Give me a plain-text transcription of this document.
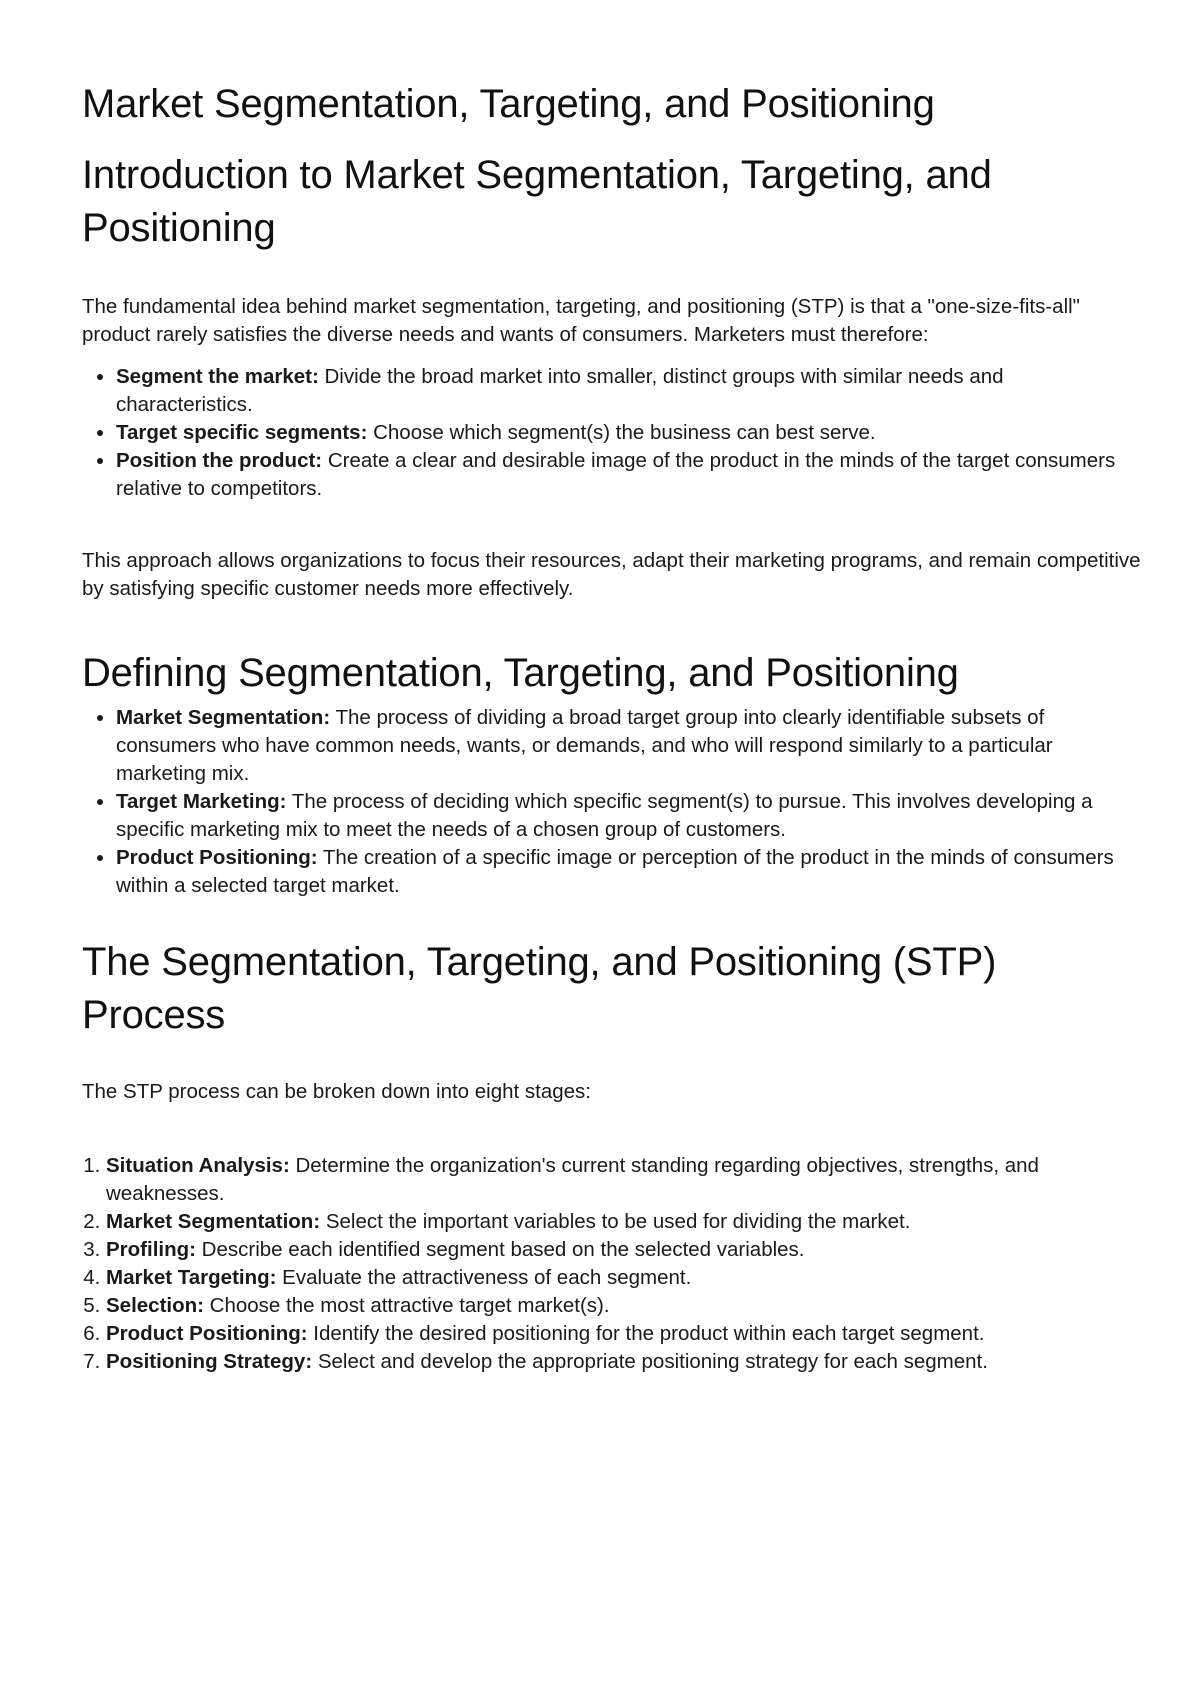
Market Segmentation, Targeting, and Positioning
Introduction to Market Segmentation, Targeting, and Positioning

The fundamental idea behind market segmentation, targeting, and positioning (STP) is that a "one-size-fits-all" product rarely satisfies the diverse needs and wants of consumers. Marketers must therefore:

• Segment the market: Divide the broad market into smaller, distinct groups with similar needs and characteristics.
• Target specific segments: Choose which segment(s) the business can best serve.
• Position the product: Create a clear and desirable image of the product in the minds of the target consumers relative to competitors.

This approach allows organizations to focus their resources, adapt their marketing programs, and remain competitive by satisfying specific customer needs more effectively.

Defining Segmentation, Targeting, and Positioning
• Market Segmentation: The process of dividing a broad target group into clearly identifiable subsets of consumers who have common needs, wants, or demands, and who will respond similarly to a particular marketing mix.
• Target Marketing: The process of deciding which specific segment(s) to pursue. This involves developing a specific marketing mix to meet the needs of a chosen group of customers.
• Product Positioning: The creation of a specific image or perception of the product in the minds of consumers within a selected target market.
The Segmentation, Targeting, and Positioning (STP) Process

The STP process can be broken down into eight stages:

1. Situation Analysis: Determine the organization's current standing regarding objectives, strengths, and weaknesses.
2. Market Segmentation: Select the important variables to be used for dividing the market.
3. Profiling: Describe each identified segment based on the selected variables.
4. Market Targeting: Evaluate the attractiveness of each segment.
5. Selection: Choose the most attractive target market(s).
6. Product Positioning: Identify the desired positioning for the product within each target segment.
7. Positioning Strategy: Select and develop the appropriate positioning strategy for each segment.
